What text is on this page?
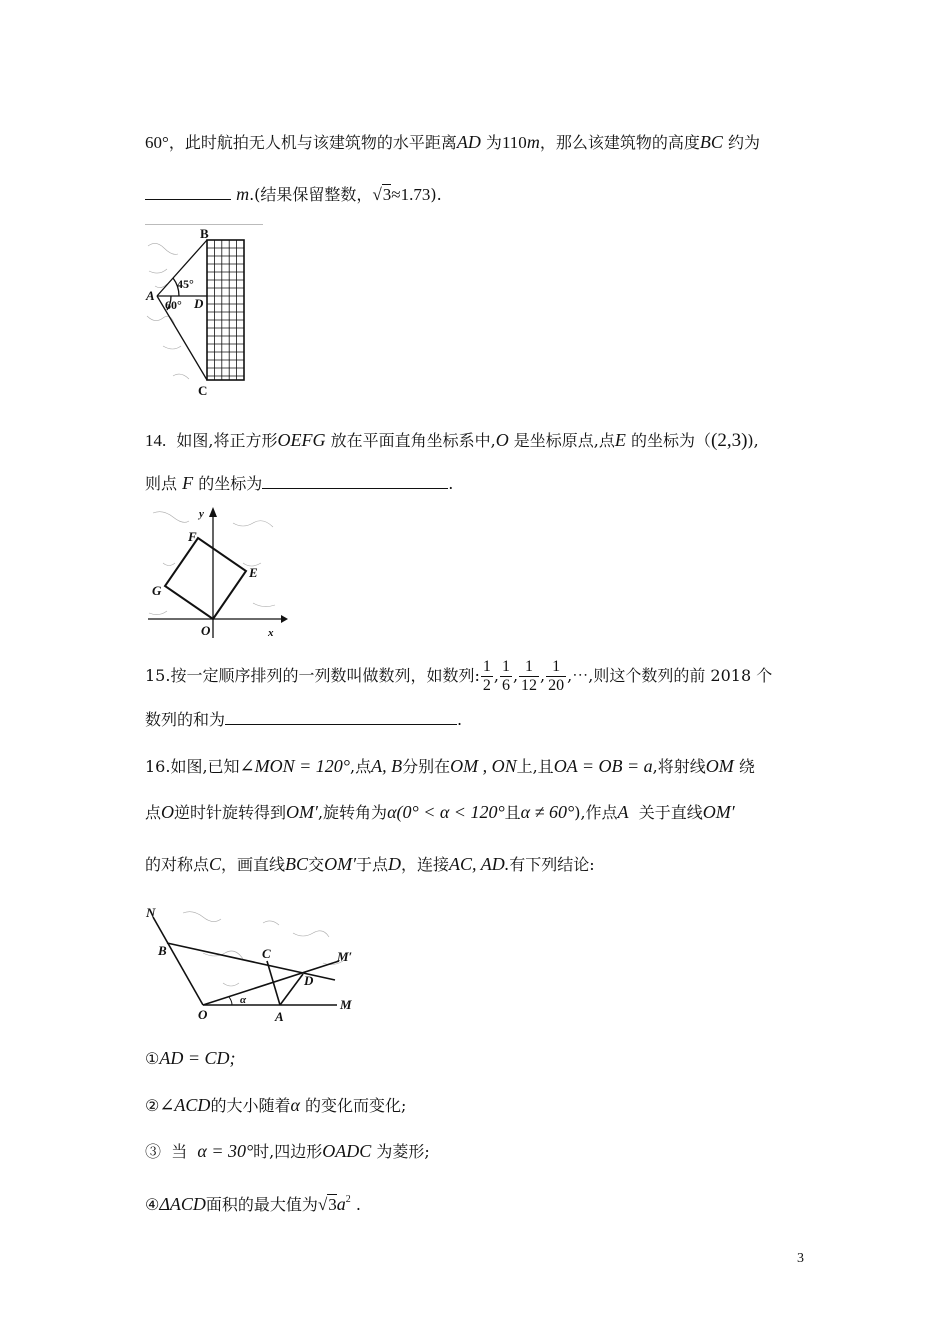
60°，此时航拍无人机与该建筑物的水平距离AD 为110m，那么该建筑物的高度BC 约为
m.(结果保留整数，√3≈1.73).
B
A
D
C
45°
60°
14. 如图,将正方形OEFG 放在平面直角坐标系中,O 是坐标原点,点E 的坐标为（(2,3)),
则点 F 的坐标为	.
y
x
F
E
G
O
15.按一定顺序排列的一列数叫做数列，如数列: $\frac{1}{2}$ , $\frac{1}{6}$ , $\frac{1}{12}$ , $\frac{1}{20}$ ,⋯,则这个数列的前 2018 个
数列的和为	.
16.如图,已知∠MON = 120°,点A, B分别在OM , ON上,且OA = OB = a,将射线OM 绕
点O逆时针旋转得到OM′,旋转角为α(0° < α < 120°且α ≠ 60°),作点A 关于直线OM′
的对称点C，画直线BC交OM′于点D，连接AC, AD.有下列结论:
N
B	C	M′
D
O
α
A
M
①AD = CD;
②∠ACD的大小随着α 的变化而变化;
③ 当 α = 30°时,四边形OADC 为菱形;
④ΔACD面积的最大值为$√3a^2$ .
3
